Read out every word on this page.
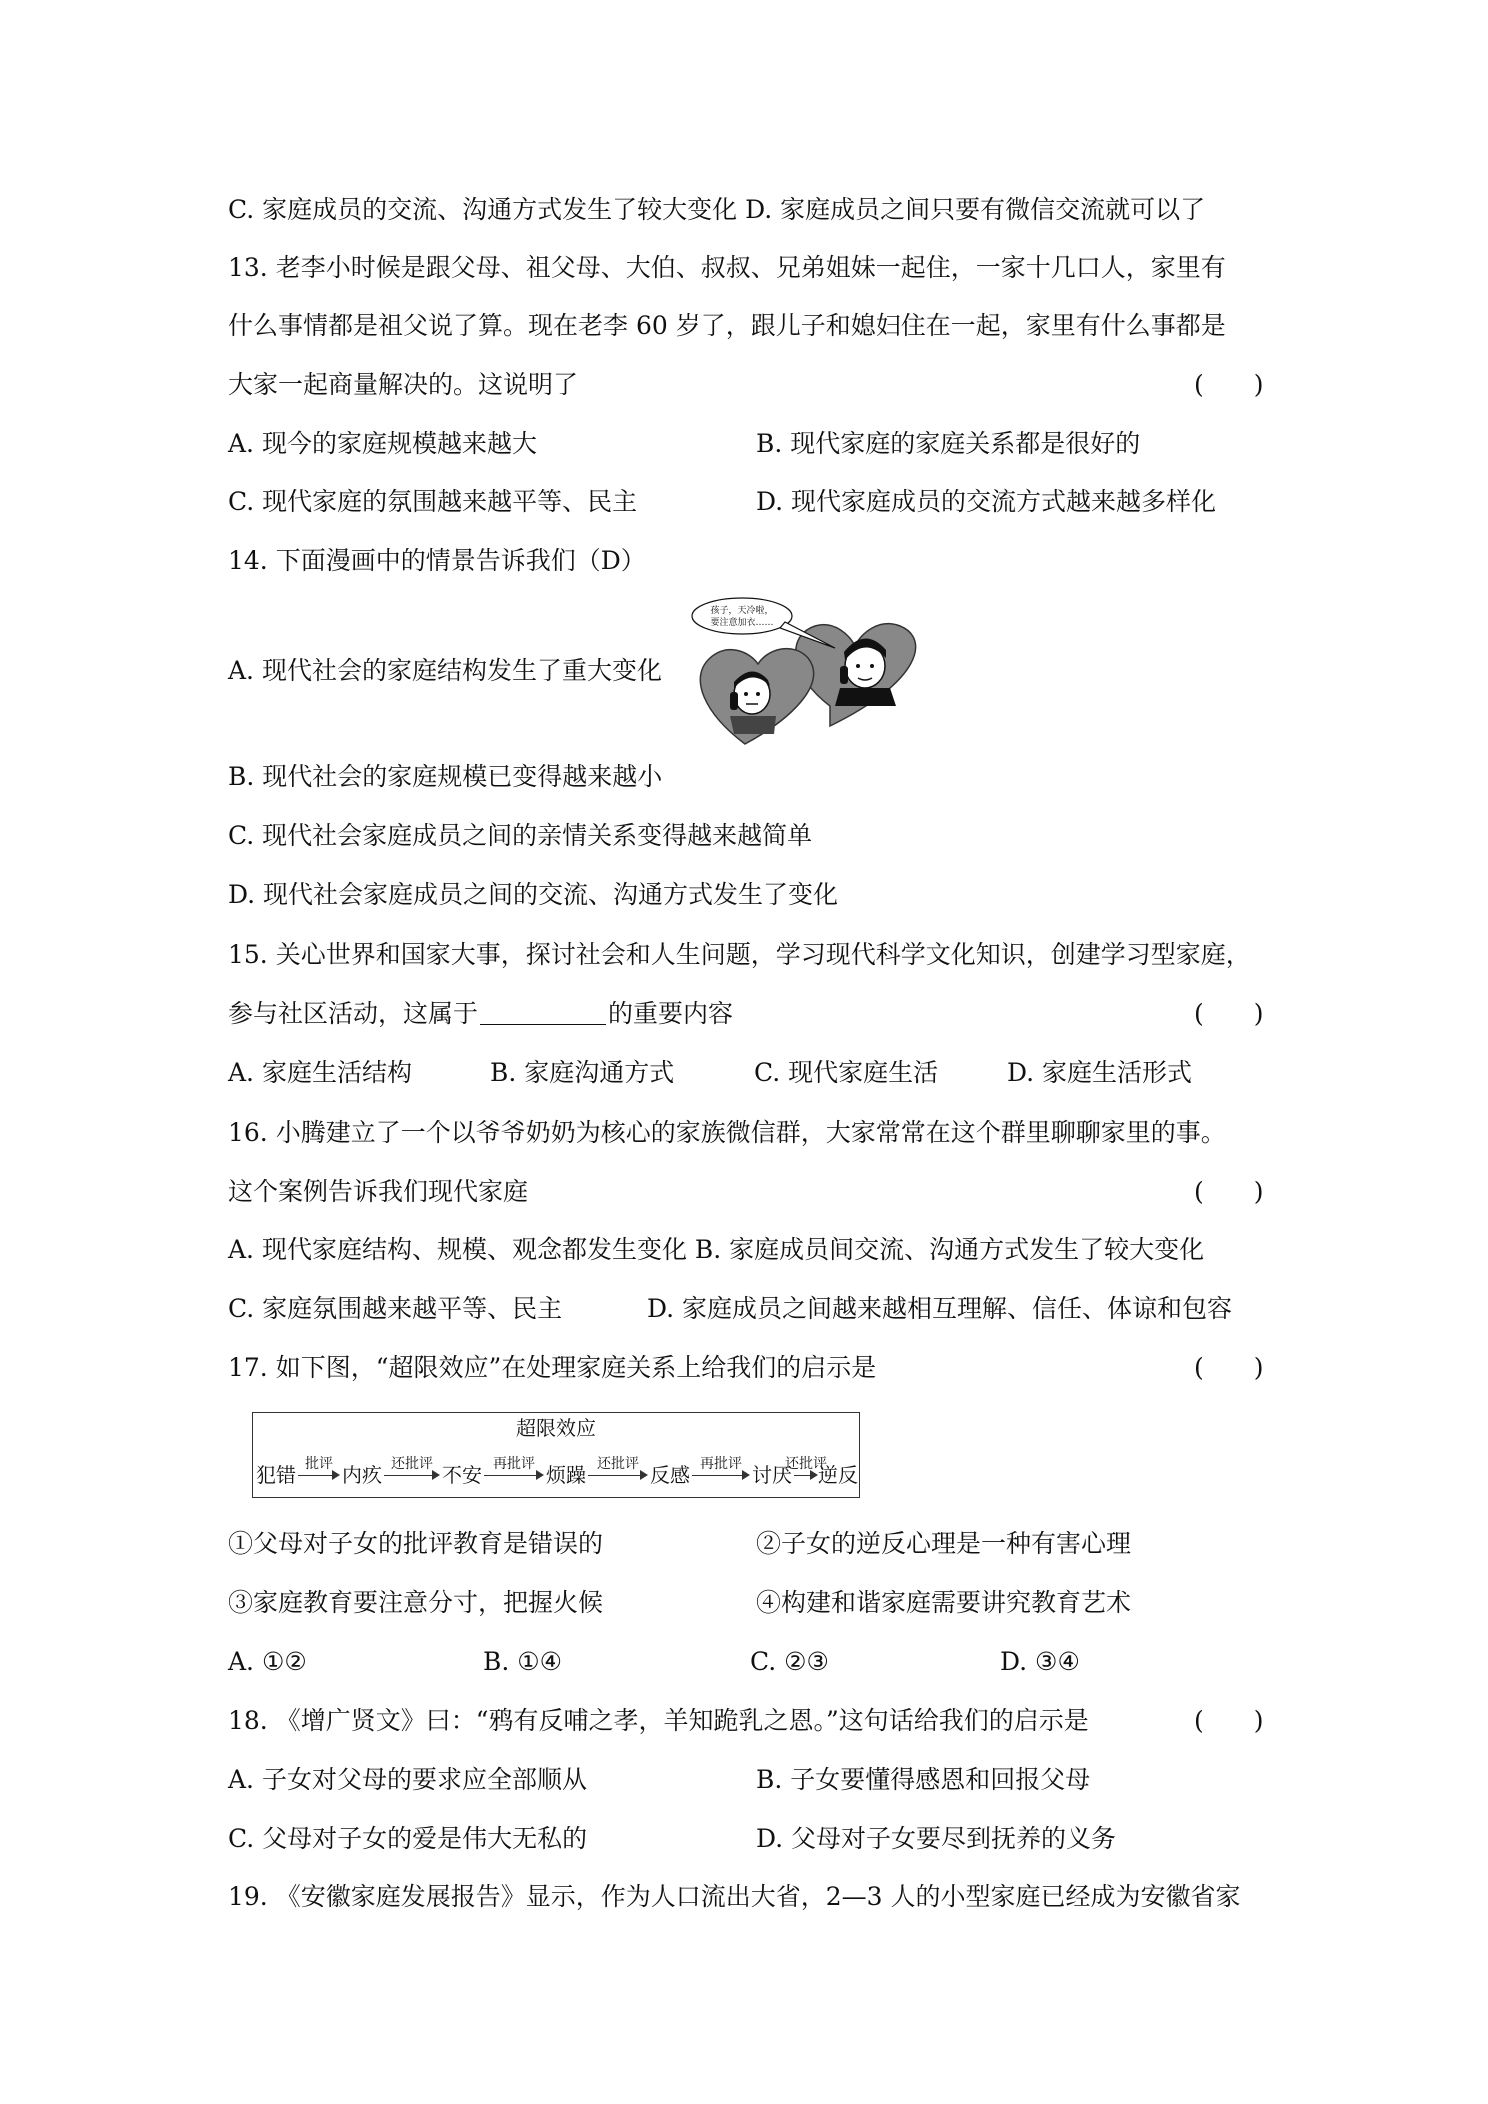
C. 家庭成员的交流、沟通方式发生了较大变化 D. 家庭成员之间只要有微信交流就可以了
13. 老李小时候是跟父母、祖父母、大伯、叔叔、兄弟姐妹一起住，一家十几口人，家里有
什么事情都是祖父说了算。现在老李 60 岁了，跟儿子和媳妇住在一起，家里有什么事都是
大家一起商量解决的。这说明了	(　　)
A. 现今的家庭规模越来越大	B. 现代家庭的家庭关系都是很好的
C. 现代家庭的氛围越来越平等、民主	D. 现代家庭成员的交流方式越来越多样化
14. 下面漫画中的情景告诉我们（D）
A. 现代社会的家庭结构发生了重大变化
孩子，天冷啦，
要注意加衣……
B. 现代社会的家庭规模已变得越来越小
C. 现代社会家庭成员之间的亲情关系变得越来越简单
D. 现代社会家庭成员之间的交流、沟通方式发生了变化
15. 关心世界和国家大事，探讨社会和人生问题，学习现代科学文化知识，创建学习型家庭，
参与社区活动，这属于	的重要内容	(　　)
A. 家庭生活结构	B. 家庭沟通方式	C. 现代家庭生活	D. 家庭生活形式
16. 小腾建立了一个以爷爷奶奶为核心的家族微信群，大家常常在这个群里聊聊家里的事。
这个案例告诉我们现代家庭	(　　)
A. 现代家庭结构、规模、观念都发生变化 B. 家庭成员间交流、沟通方式发生了较大变化
C. 家庭氛围越来越平等、民主	D. 家庭成员之间越来越相互理解、信任、体谅和包容
17. 如下图，“超限效应”在处理家庭关系上给我们的启示是	(　　)
超限效应
犯错 批评 内疚 还批评 不安 再批评 烦躁 还批评 反感 再批评 讨厌
还批评
逆反
①父母对子女的批评教育是错误的	②子女的逆反心理是一种有害心理
③家庭教育要注意分寸，把握火候	④构建和谐家庭需要讲究教育艺术
A. ①②	B. ①④	C. ②③	D. ③④
18. 《增广贤文》曰：“鸦有反哺之孝，羊知跪乳之恩。”这句话给我们的启示是	(　　)
A. 子女对父母的要求应全部顺从	B. 子女要懂得感恩和回报父母
C. 父母对子女的爱是伟大无私的	D. 父母对子女要尽到抚养的义务
19. 《安徽家庭发展报告》显示，作为人口流出大省，2—3 人的小型家庭已经成为安徽省家
